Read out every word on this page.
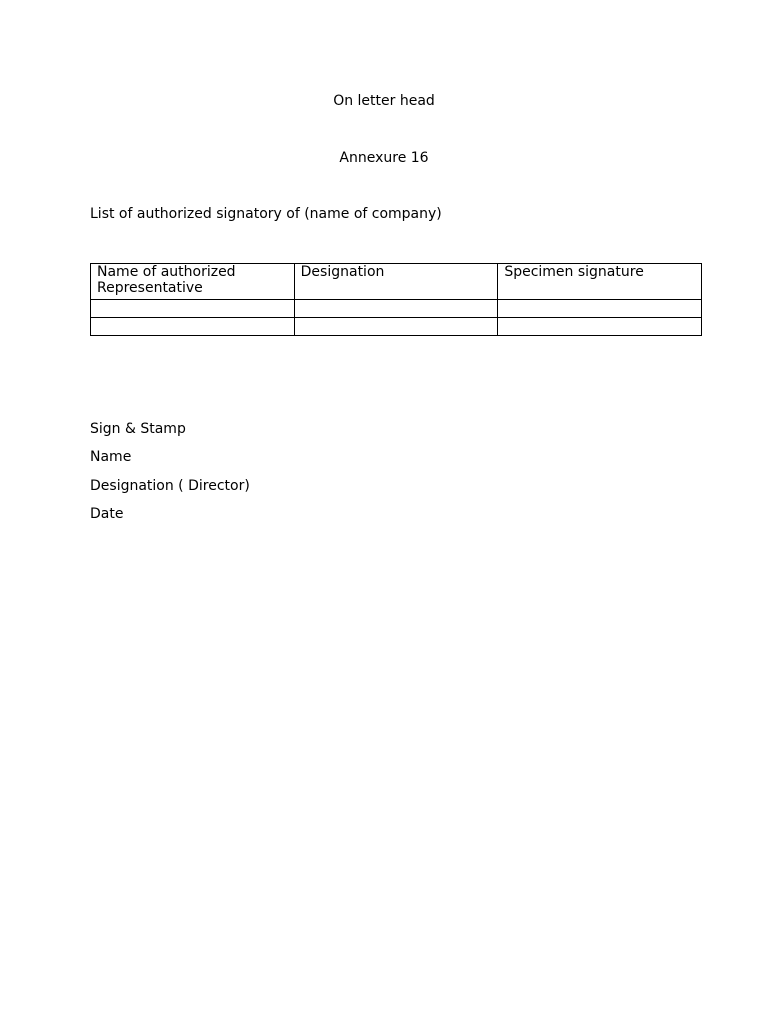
On letter head
Annexure 16
List of authorized signatory of (name of company)
Name of authorized Representative	Designation	Specimen signature

Sign & Stamp
Name
Designation ( Director)
Date
